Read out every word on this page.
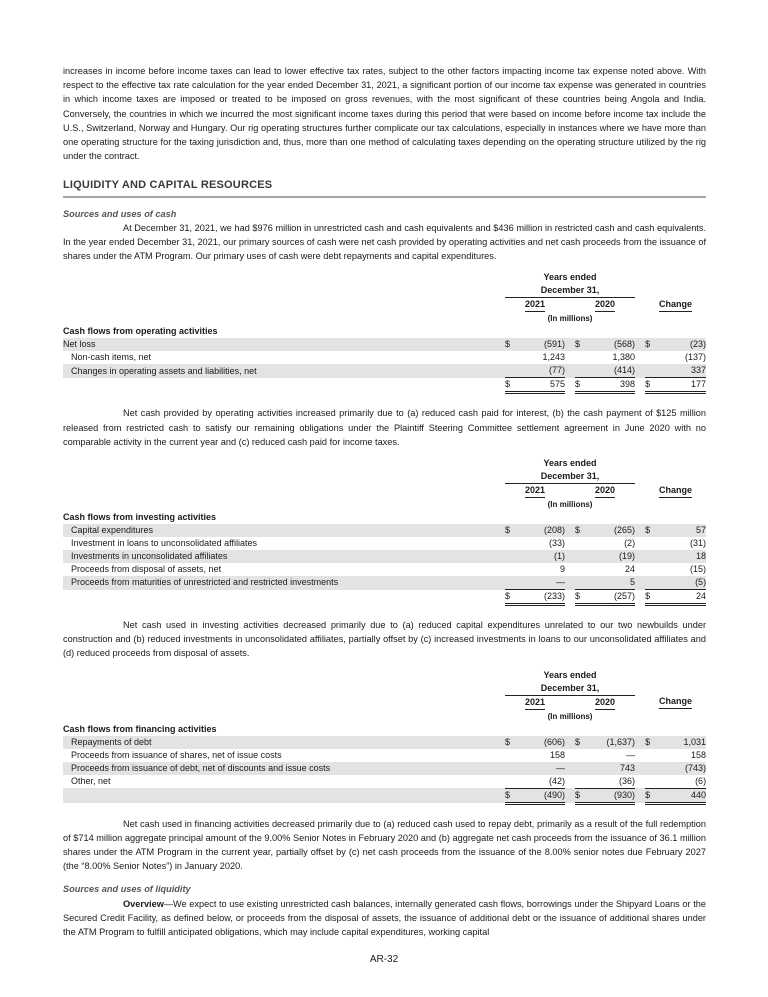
increases in income before income taxes can lead to lower effective tax rates, subject to the other factors impacting income tax expense noted above. With respect to the effective tax rate calculation for the year ended December 31, 2021, a significant portion of our income tax expense was generated in countries in which income taxes are imposed or treated to be imposed on gross revenues, with the most significant of these countries being Angola and India. Conversely, the countries in which we incurred the most significant income taxes during this period that were based on income before income tax include the U.S., Switzerland, Norway and Hungary. Our rig operating structures further complicate our tax calculations, especially in instances where we have more than one operating structure for the taxing jurisdiction and, thus, more than one method of calculating taxes depending on the operating structure utilized by the rig under the contract.

LIQUIDITY AND CAPITAL RESOURCES
Sources and uses of cash

At December 31, 2021, we had $976 million in unrestricted cash and cash equivalents and $436 million in restricted cash and cash equivalents. In the year ended December 31, 2021, our primary sources of cash were net cash provided by operating activities and net cash proceeds from the issuance of shares under the ATM Program. Our primary uses of cash were debt repayments and capital expenditures.

	Years ended							
	December 31,							
	2021			2020			Change	
	(In millions)							
Cash flows from operating activities								
Net loss	$	(591)		$	(568)		$	(23)
Non-cash items, net		1,243			1,380			(137)
Changes in operating assets and liabilities, net		(77)			(414)			337
	$	575		$	398		$	177

Net cash provided by operating activities increased primarily due to (a) reduced cash paid for interest, (b) the cash payment of $125 million released from restricted cash to satisfy our remaining obligations under the Plaintiff Steering Committee settlement agreement in June 2020 with no comparable activity in the current year and (c) reduced cash paid for income taxes.

	Years ended							
	December 31,							
	2021			2020			Change	
	(In millions)							
Cash flows from investing activities								
Capital expenditures	$	(208)		$	(265)		$	57
Investment in loans to unconsolidated affiliates		(33)			(2)			(31)
Investments in unconsolidated affiliates		(1)			(19)			18
Proceeds from disposal of assets, net		9			24			(15)
Proceeds from maturities of unrestricted and restricted investments		—			5			(5)
	$	(233)		$	(257)		$	24

Net cash used in investing activities decreased primarily due to (a) reduced capital expenditures unrelated to our two newbuilds under construction and (b) reduced investments in unconsolidated affiliates, partially offset by (c) increased investments in loans to our unconsolidated affiliates and (d) reduced proceeds from disposal of assets.

	Years ended							
	December 31,							
	2021			2020			Change	
	(In millions)							
Cash flows from financing activities								
Repayments of debt	$	(606)		$	(1,637)		$	1,031
Proceeds from issuance of shares, net of issue costs		158			—			158
Proceeds from issuance of debt, net of discounts and issue costs		—			743			(743)
Other, net		(42)			(36)			(6)
	$	(490)		$	(930)		$	440

Net cash used in financing activities decreased primarily due to (a) reduced cash used to repay debt, primarily as a result of the full redemption of $714 million aggregate principal amount of the 9.00% Senior Notes in February 2020 and (b) aggregate net cash proceeds from the issuance of 36.1 million shares under the ATM Program in the current year, partially offset by (c) net cash proceeds from the issuance of the 8.00% senior notes due February 2027 (the “8.00% Senior Notes”) in January 2020.

Sources and uses of liquidity

Overview—We expect to use existing unrestricted cash balances, internally generated cash flows, borrowings under the Shipyard Loans or the Secured Credit Facility, as defined below, or proceeds from the disposal of assets, the issuance of additional debt or the issuance of additional shares under the ATM Program to fulfill anticipated obligations, which may include capital expenditures, working capital

AR-32
